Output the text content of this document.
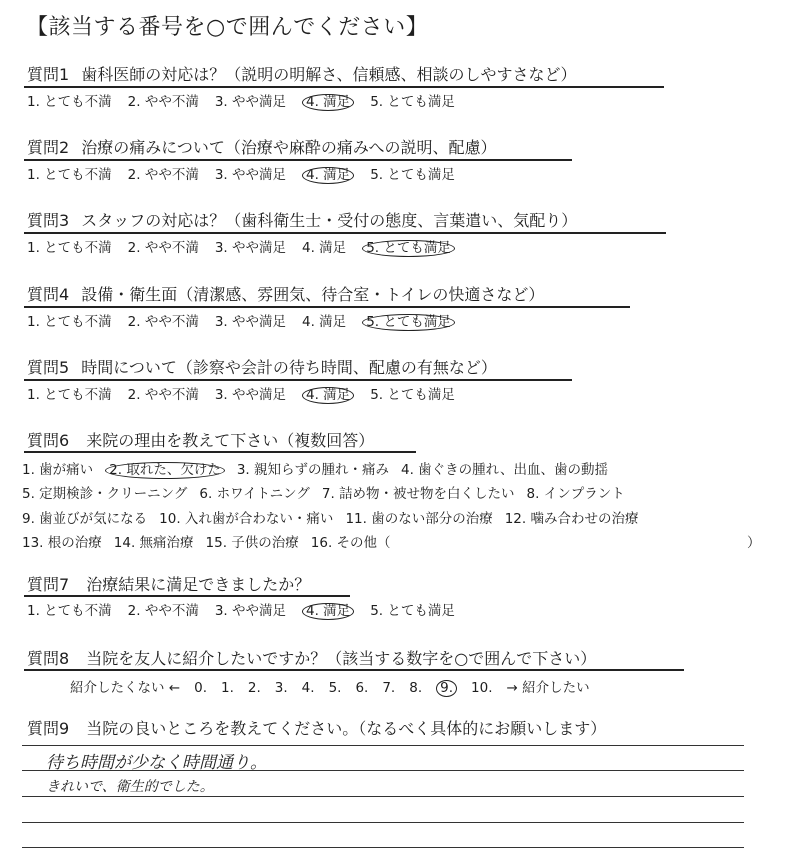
【該当する番号を○で囲んでください】
質問1 歯科医師の対応は？（説明の明解さ、信頼感、相談のしやすさなど）
1. とても不満 2. やや不満 3. やや満足 4. 満足 5. とても満足
質問2 治療の痛みについて（治療や麻酔の痛みへの説明、配慮）
1. とても不満 2. やや不満 3. やや満足 4. 満足 5. とても満足
質問3 スタッフの対応は？（歯科衛生士・受付の態度、言葉遣い、気配り）
1. とても不満 2. やや不満 3. やや満足 4. 満足 5. とても満足
質問4 設備・衛生面（清潔感、雰囲気、待合室・トイレの快適さなど）
1. とても不満 2. やや不満 3. やや満足 4. 満足 5. とても満足
質問5 時間について（診察や会計の待ち時間、配慮の有無など）
1. とても不満 2. やや不満 3. やや満足 4. 満足 5. とても満足
質問6 来院の理由を教えて下さい（複数回答）
1. 歯が痛い 2. 取れた、欠けた 3. 親知らずの腫れ・痛み 4. 歯ぐきの腫れ、出血、歯の動揺
5. 定期検診・クリーニング 6. ホワイトニング 7. 詰め物・被せ物を白くしたい 8. インプラント
9. 歯並びが気になる 10. 入れ歯が合わない・痛い 11. 歯のない部分の治療 12. 噛み合わせの治療
13. 根の治療 14. 無痛治療 15. 子供の治療 16. その他（	）
質問7 治療結果に満足できましたか？
1. とても不満 2. やや不満 3. やや満足 4. 満足 5. とても満足
質問8 当院を友人に紹介したいですか？（該当する数字を○で囲んで下さい）
紹介したくない ← 0. 1. 2. 3. 4. 5. 6. 7. 8. 9. 10. → 紹介したい
質問9 当院の良いところを教えてください。（なるべく具体的にお願いします）
待ち時間が少なく時間通り。
きれいで、衛生的でした。
